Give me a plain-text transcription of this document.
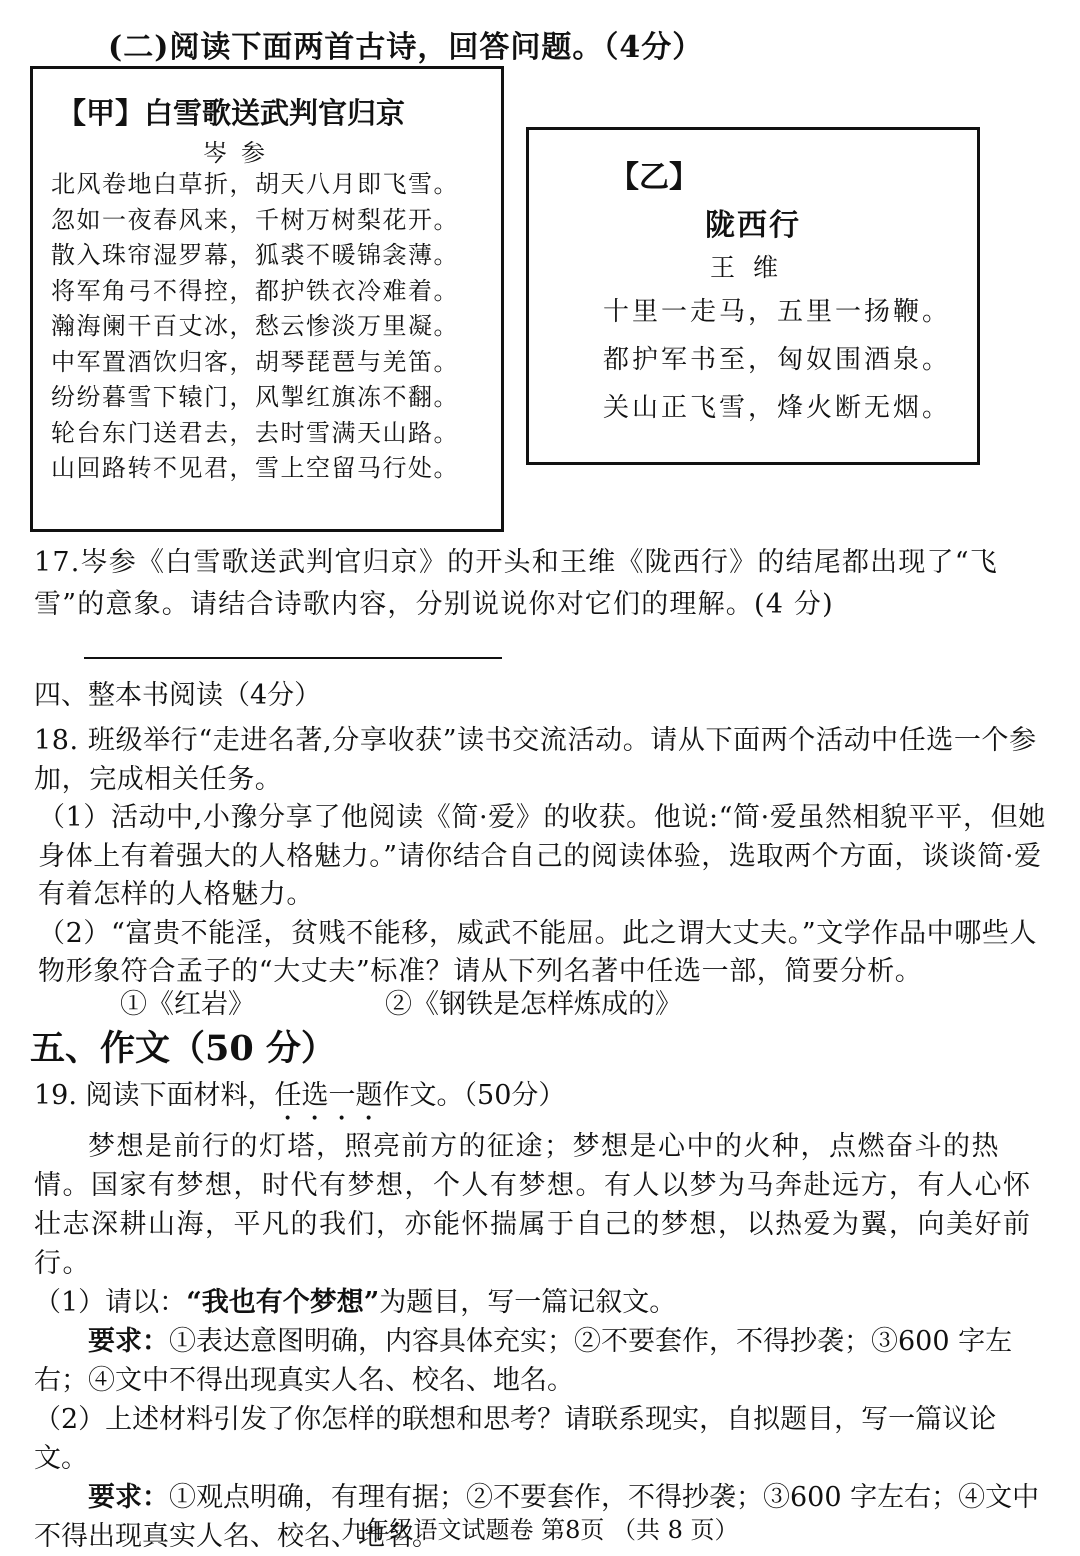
(二)阅读下面两首古诗，回答问题。（4分）
【甲】白雪歌送武判官归京
岑参
北风卷地白草折，胡天八月即飞雪。
忽如一夜春风来，千树万树梨花开。
散入珠帘湿罗幕，狐裘不暖锦衾薄。
将军角弓不得控，都护铁衣冷难着。
瀚海阑干百丈冰，愁云惨淡万里凝。
中军置酒饮归客，胡琴琵琶与羌笛。
纷纷暮雪下辕门，风掣红旗冻不翻。
轮台东门送君去，去时雪满天山路。
山回路转不见君，雪上空留马行处。
【乙】
陇西行
王维
十里一走马，五里一扬鞭。
都护军书至，匈奴围酒泉。
关山正飞雪，烽火断无烟。
17.岑参《白雪歌送武判官归京》的开头和王维《陇西行》的结尾都出现了“飞雪”的意象。请结合诗歌内容，分别说说你对它们的理解。(4 分)
四、整本书阅读（4分）

18. 班级举行“走进名著,分享收获”读书交流活动。请从下面两个活动中任选一个参加，完成相关任务。

（1）活动中,小豫分享了他阅读《简·爱》的收获。他说:“简·爱虽然相貌平平，但她身体上有着强大的人格魅力。”请你结合自己的阅读体验，选取两个方面，谈谈简·爱有着怎样的人格魅力。

（2）“富贵不能淫，贫贱不能移，威武不能屈。此之谓大丈夫。”文学作品中哪些人物形象符合孟子的“大丈夫”标准？请从下列名著中任选一部，简要分析。

①《红岩》	②《钢铁是怎样炼成的》
五、作文（50 分）

19. 阅读下面材料，任选一题作文。（50分）

梦想是前行的灯塔，照亮前方的征途；梦想是心中的火种，点燃奋斗的热情。国家有梦想，时代有梦想，个人有梦想。有人以梦为马奔赴远方，有人心怀壮志深耕山海，平凡的我们，亦能怀揣属于自己的梦想，以热爱为翼，向美好前行。

（1）请以：“我也有个梦想”为题目，写一篇记叙文。

要求：①表达意图明确，内容具体充实；②不要套作，不得抄袭；③600 字左右；④文中不得出现真实人名、校名、地名。

（2）上述材料引发了你怎样的联想和思考？请联系现实，自拟题目，写一篇议论文。

要求：①观点明确，有理有据；②不要套作，不得抄袭；③600 字左右；④文中不得出现真实人名、校名、地名。

九年级语文试题卷 第8页 （共 8 页）
